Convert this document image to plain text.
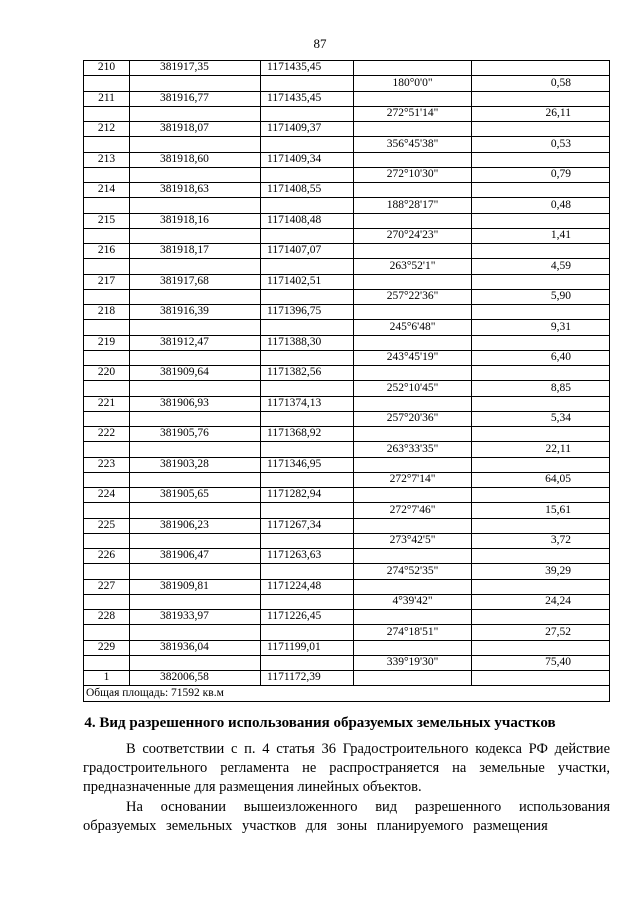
87
210	381917,35	1171435,45		
			180°0'0"	0,58
211	381916,77	1171435,45		
			272°51'14"	26,11
212	381918,07	1171409,37		
			356°45'38"	0,53
213	381918,60	1171409,34		
			272°10'30"	0,79
214	381918,63	1171408,55		
			188°28'17"	0,48
215	381918,16	1171408,48		
			270°24'23"	1,41
216	381918,17	1171407,07		
			263°52'1"	4,59
217	381917,68	1171402,51		
			257°22'36"	5,90
218	381916,39	1171396,75		
			245°6'48"	9,31
219	381912,47	1171388,30		
			243°45'19"	6,40
220	381909,64	1171382,56		
			252°10'45"	8,85
221	381906,93	1171374,13		
			257°20'36"	5,34
222	381905,76	1171368,92		
			263°33'35"	22,11
223	381903,28	1171346,95		
			272°7'14"	64,05
224	381905,65	1171282,94		
			272°7'46"	15,61
225	381906,23	1171267,34		
			273°42'5"	3,72
226	381906,47	1171263,63		
			274°52'35"	39,29
227	381909,81	1171224,48		
			4°39'42"	24,24
228	381933,97	1171226,45		
			274°18'51"	27,52
229	381936,04	1171199,01		
			339°19'30"	75,40
1	382006,58	1171172,39		
Общая площадь: 71592 кв.м				
4. Вид разрешенного использования образуемых земельных участков

В соответствии с п. 4 статья 36 Градостроительного кодекса РФ действие градостроительного регламента не распространяется на земельные участки, предназначенные для размещения линейных объектов.

На основании вышеизложенного вид разрешенного использования образуемых земельных участков для зоны планируемого размещения
